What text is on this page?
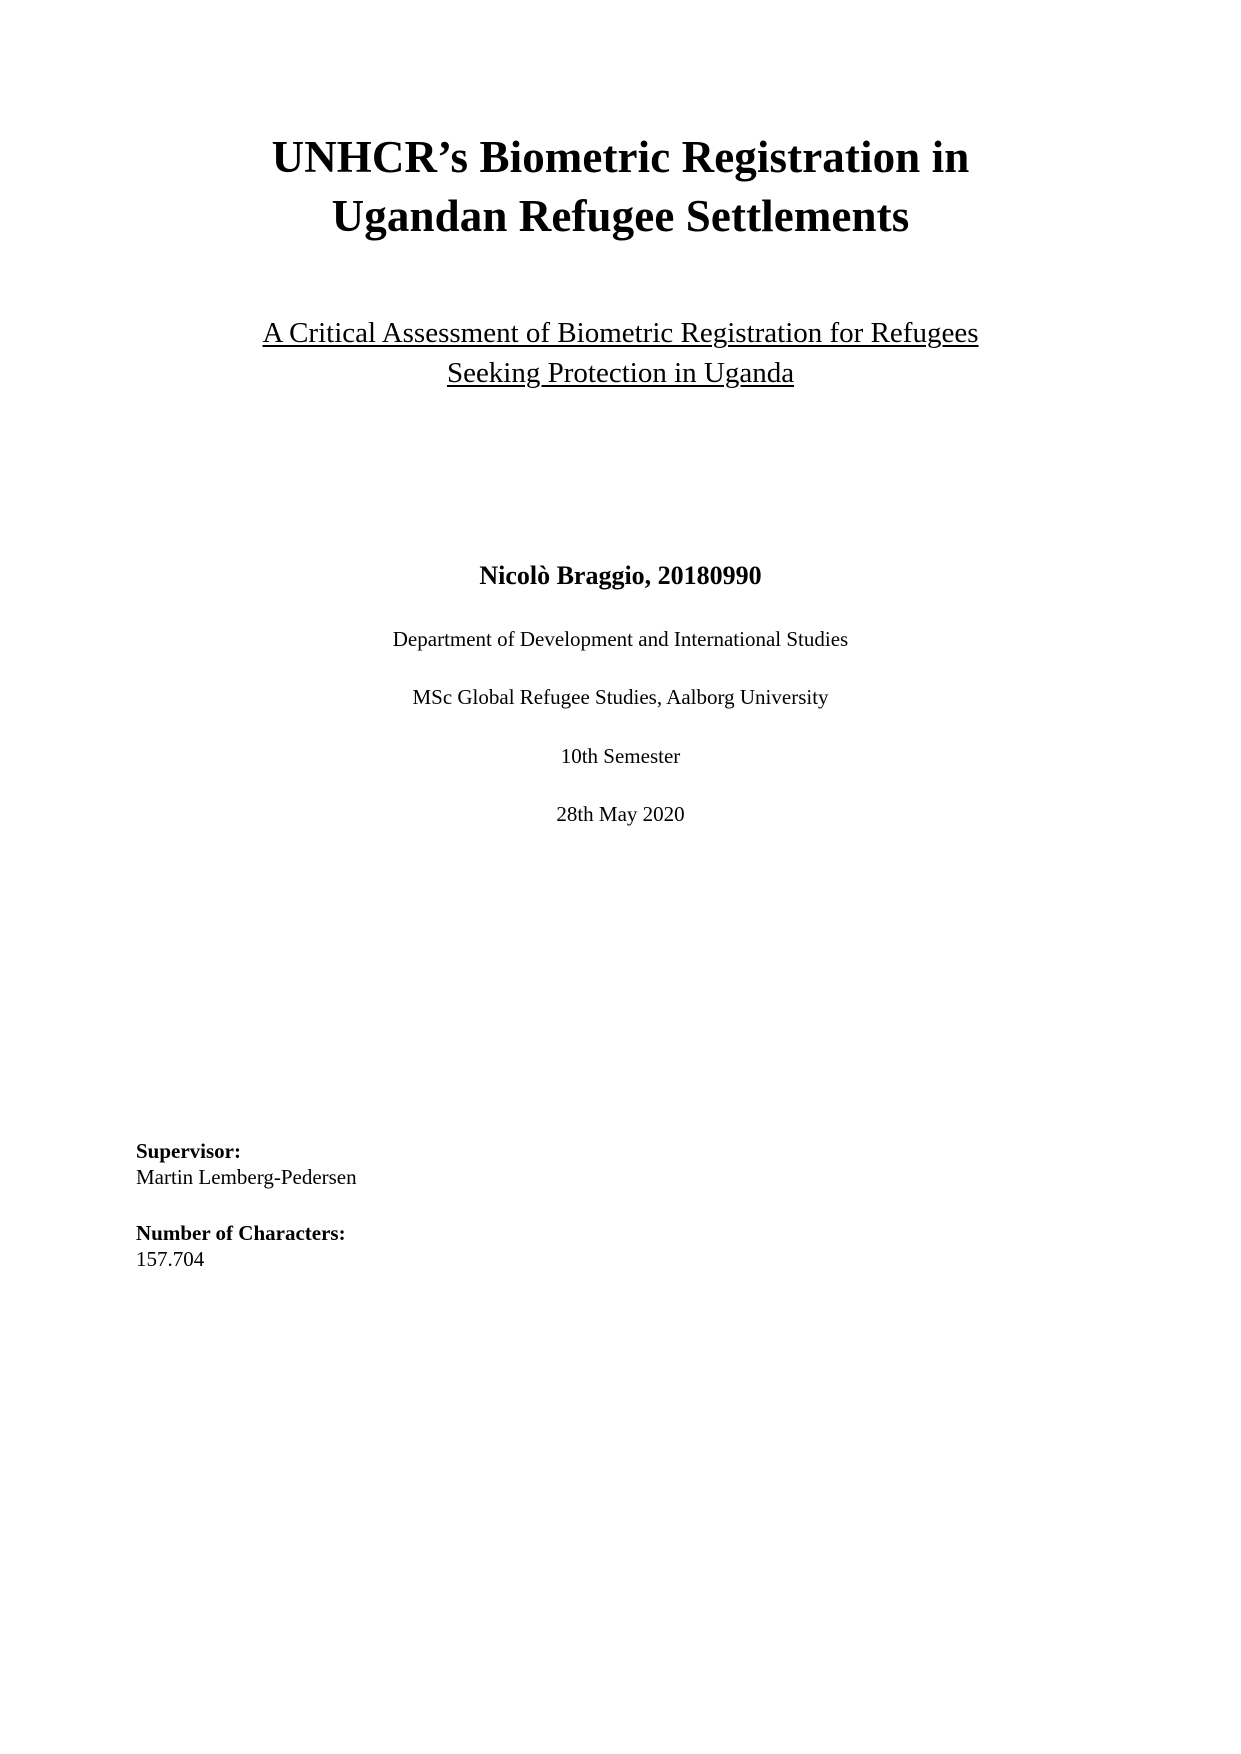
UNHCR’s Biometric Registration in
Ugandan Refugee Settlements
A Critical Assessment of Biometric Registration for Refugees
Seeking Protection in Uganda

Nicolò Braggio, 20180990

Department of Development and International Studies

MSc Global Refugee Studies, Aalborg University

10th Semester

28th May 2020

Supervisor:

Martin Lemberg-Pedersen

Number of Characters:

157.704
